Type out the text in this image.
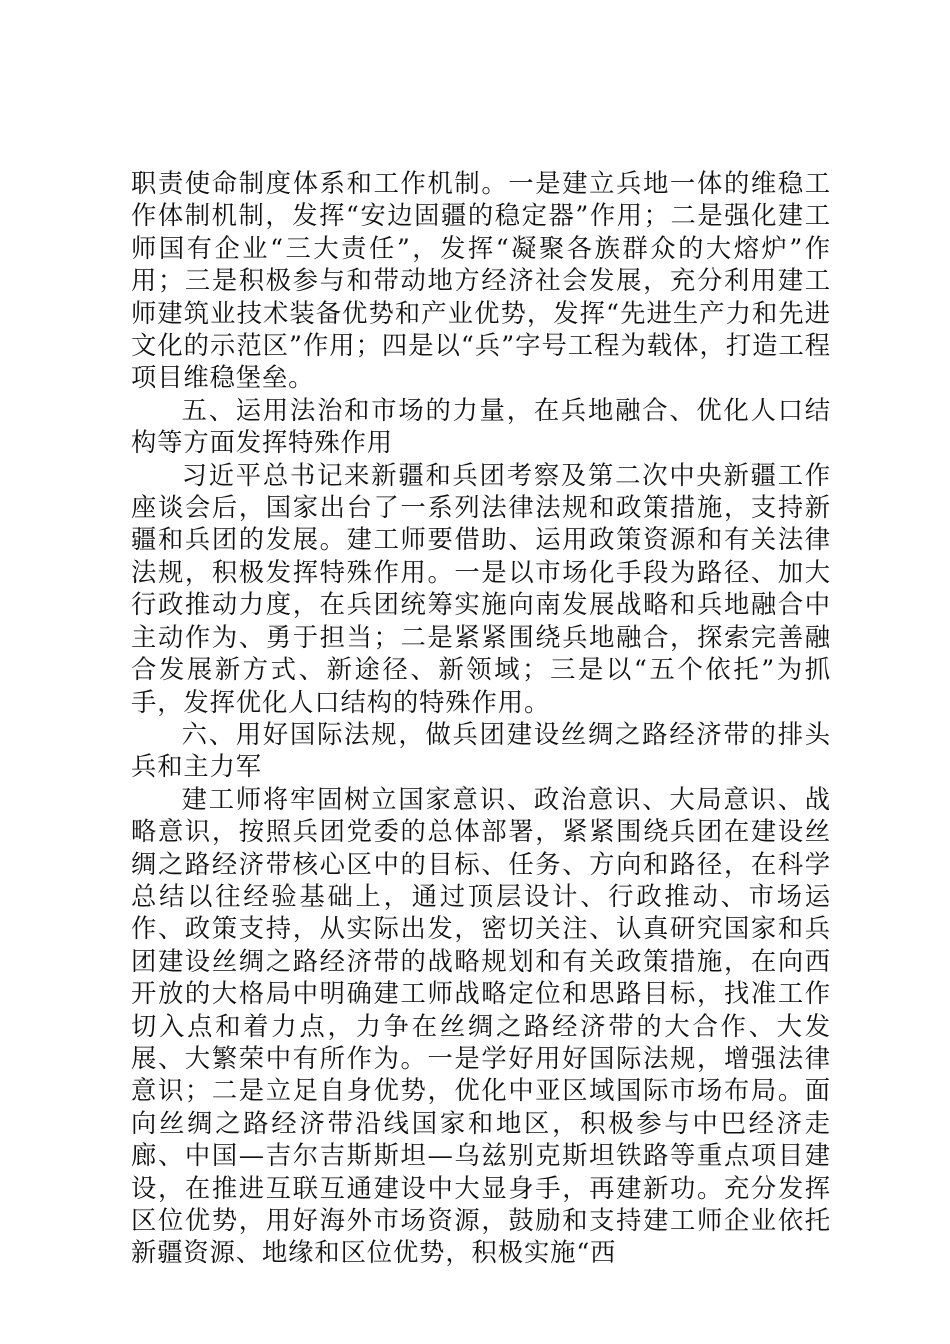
职责使命制度体系和工作机制。一是建立兵地一体的维稳工作体制机制，发挥“安边固疆的稳定器”作用；二是强化建工师国有企业“三大责任”，发挥“凝聚各族群众的大熔炉”作用；三是积极参与和带动地方经济社会发展，充分利用建工师建筑业技术装备优势和产业优势，发挥“先进生产力和先进文化的示范区”作用；四是以“兵”字号工程为载体，打造工程项目维稳堡垒。

五、运用法治和市场的力量，在兵地融合、优化人口结构等方面发挥特殊作用

习近平总书记来新疆和兵团考察及第二次中央新疆工作座谈会后，国家出台了一系列法律法规和政策措施，支持新疆和兵团的发展。建工师要借助、运用政策资源和有关法律法规，积极发挥特殊作用。一是以市场化手段为路径、加大行政推动力度，在兵团统筹实施向南发展战略和兵地融合中主动作为、勇于担当；二是紧紧围绕兵地融合，探索完善融合发展新方式、新途径、新领域；三是以“五个依托”为抓手，发挥优化人口结构的特殊作用。

六、用好国际法规，做兵团建设丝绸之路经济带的排头兵和主力军

建工师将牢固树立国家意识、政治意识、大局意识、战略意识，按照兵团党委的总体部署，紧紧围绕兵团在建设丝绸之路经济带核心区中的目标、任务、方向和路径，在科学总结以往经验基础上，通过顶层设计、行政推动、市场运作、政策支持，从实际出发，密切关注、认真研究国家和兵团建设丝绸之路经济带的战略规划和有关政策措施，在向西开放的大格局中明确建工师战略定位和思路目标，找准工作切入点和着力点，力争在丝绸之路经济带的大合作、大发展、大繁荣中有所作为。一是学好用好国际法规，增强法律意识；二是立足自身优势，优化中亚区域国际市场布局。面向丝绸之路经济带沿线国家和地区，积极参与中巴经济走廊、中国—吉尔吉斯斯坦—乌兹别克斯坦铁路等重点项目建设，在推进互联互通建设中大显身手，再建新功。充分发挥区位优势，用好海外市场资源，鼓励和支持建工师企业依托新疆资源、地缘和区位优势，积极实施“西
